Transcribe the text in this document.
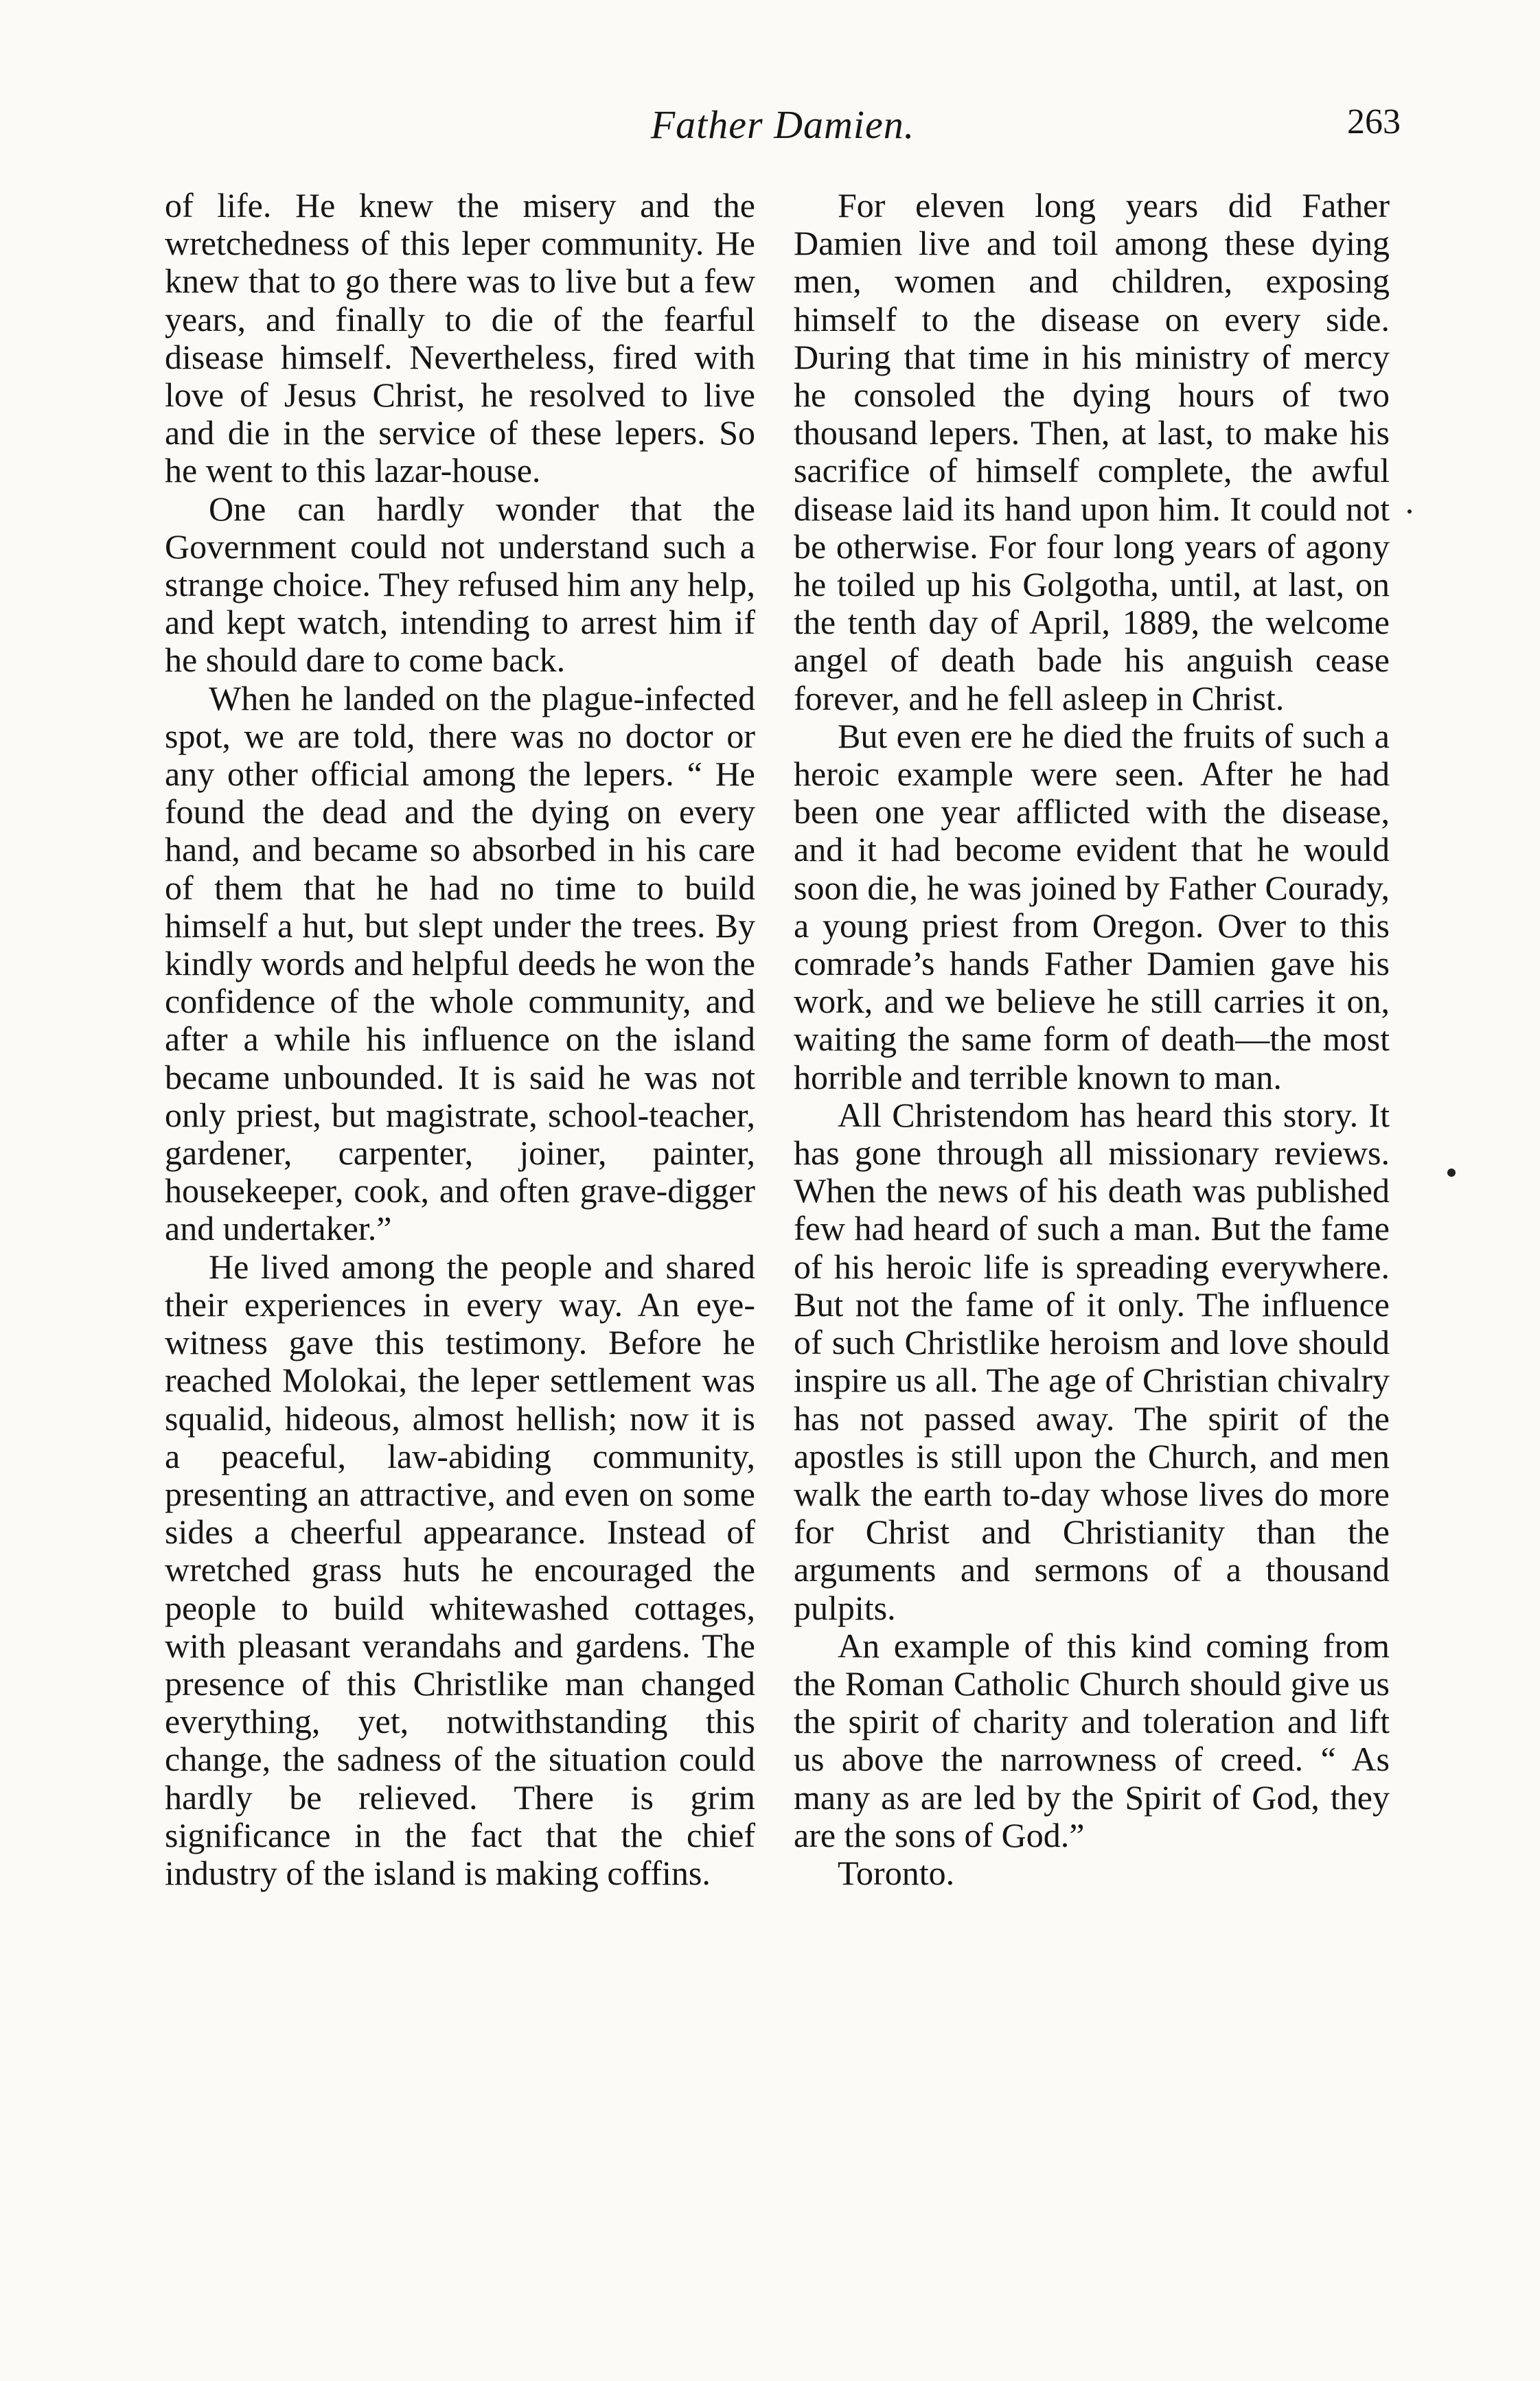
Father Damien.	263

of life. He knew the misery and the wretchedness of this leper community. He knew that to go there was to live but a few years, and finally to die of the fearful disease himself. Nevertheless, fired with love of Jesus Christ, he resolved to live and die in the service of these lepers. So he went to this lazar-house.

One can hardly wonder that the Government could not understand such a strange choice. They refused him any help, and kept watch, intending to arrest him if he should dare to come back.

When he landed on the plague-infected spot, we are told, there was no doctor or any other official among the lepers. “ He found the dead and the dying on every hand, and became so absorbed in his care of them that he had no time to build himself a hut, but slept under the trees. By kindly words and helpful deeds he won the confidence of the whole community, and after a while his influence on the island became unbounded. It is said he was not only priest, but magistrate, school-teacher, gardener, carpenter, joiner, painter, housekeeper, cook, and often grave-digger and undertaker.”

He lived among the people and shared their experiences in every way. An eye-witness gave this testimony. Before he reached Molokai, the leper settlement was squalid, hideous, almost hellish; now it is a peaceful, law-abiding community, presenting an attractive, and even on some sides a cheerful appearance. Instead of wretched grass huts he encouraged the people to build whitewashed cottages, with pleasant verandahs and gardens. The presence of this Christlike man changed everything, yet, notwithstanding this change, the sadness of the situation could hardly be relieved. There is grim significance in the fact that the chief industry of the island is making coffins.

For eleven long years did Father Damien live and toil among these dying men, women and children, exposing himself to the disease on every side. During that time in his ministry of mercy he consoled the dying hours of two thousand lepers. Then, at last, to make his sacrifice of himself complete, the awful disease laid its hand upon him. It could not be otherwise. For four long years of agony he toiled up his Golgotha, until, at last, on the tenth day of April, 1889, the welcome angel of death bade his anguish cease forever, and he fell asleep in Christ.

But even ere he died the fruits of such a heroic example were seen. After he had been one year afflicted with the disease, and it had become evident that he would soon die, he was joined by Father Courady, a young priest from Oregon. Over to this comrade’s hands Father Damien gave his work, and we believe he still carries it on, waiting the same form of death—the most horrible and terrible known to man.

All Christendom has heard this story. It has gone through all missionary reviews. When the news of his death was published few had heard of such a man. But the fame of his heroic life is spreading everywhere. But not the fame of it only. The influence of such Christlike heroism and love should inspire us all. The age of Christian chivalry has not passed away. The spirit of the apostles is still upon the Church, and men walk the earth to-day whose lives do more for Christ and Christianity than the arguments and sermons of a thousand pulpits.

An example of this kind coming from the Roman Catholic Church should give us the spirit of charity and toleration and lift us above the narrowness of creed. “ As many as are led by the Spirit of God, they are the sons of God.”

Toronto.
